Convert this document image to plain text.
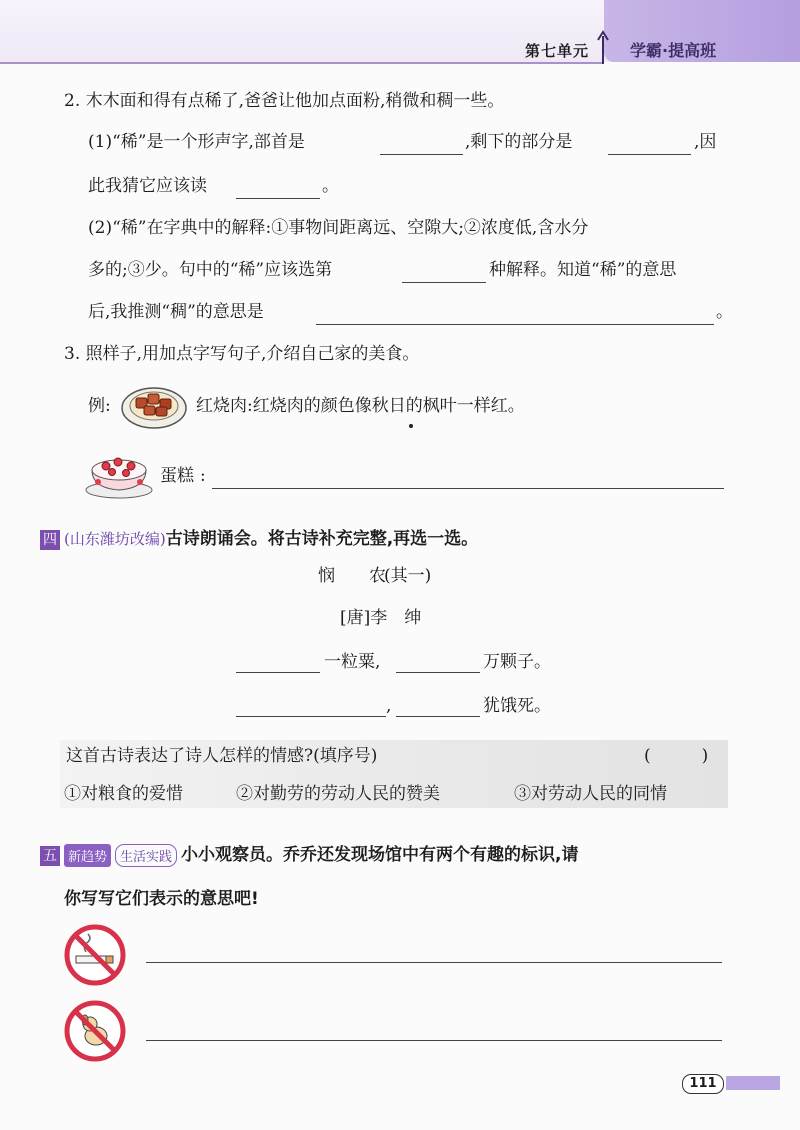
第七单元	学霸·提高班
2. 木木面和得有点稀了,爸爸让他加点面粉,稍微和稠一些。
(1)“稀”是一个形声字,部首是	,剩下的部分是	,因
此我猜它应该读	。
(2)“稀”在字典中的解释:①事物间距离远、空隙大;②浓度低,含水分
多的;③少。句中的“稀”应该选第	种解释。知道“稀”的意思
后,我推测“稠”的意思是	。
3. 照样子,用加点字写句子,介绍自己家的美食。
例:	红烧肉 :红烧肉的颜色像秋日的枫叶一样红。
蛋糕 :
四 (山东潍坊改编)古诗朗诵会。将古诗补充完整,再选一选。
悯　　农
(其一)
[唐]李　绅
一粒粟,	万颗子。
,	犹饿死。
这首古诗表达了诗人怎样的情感?(填序号)	(　　　)
①对粮食的爱惜	②对勤劳的劳动人民的赞美	③对劳动人民的同情
五 新趋势 生活实践 小小观察员。乔乔还发现场馆中有两个有趣的标识,请
你写写它们表示的意思吧!
111
